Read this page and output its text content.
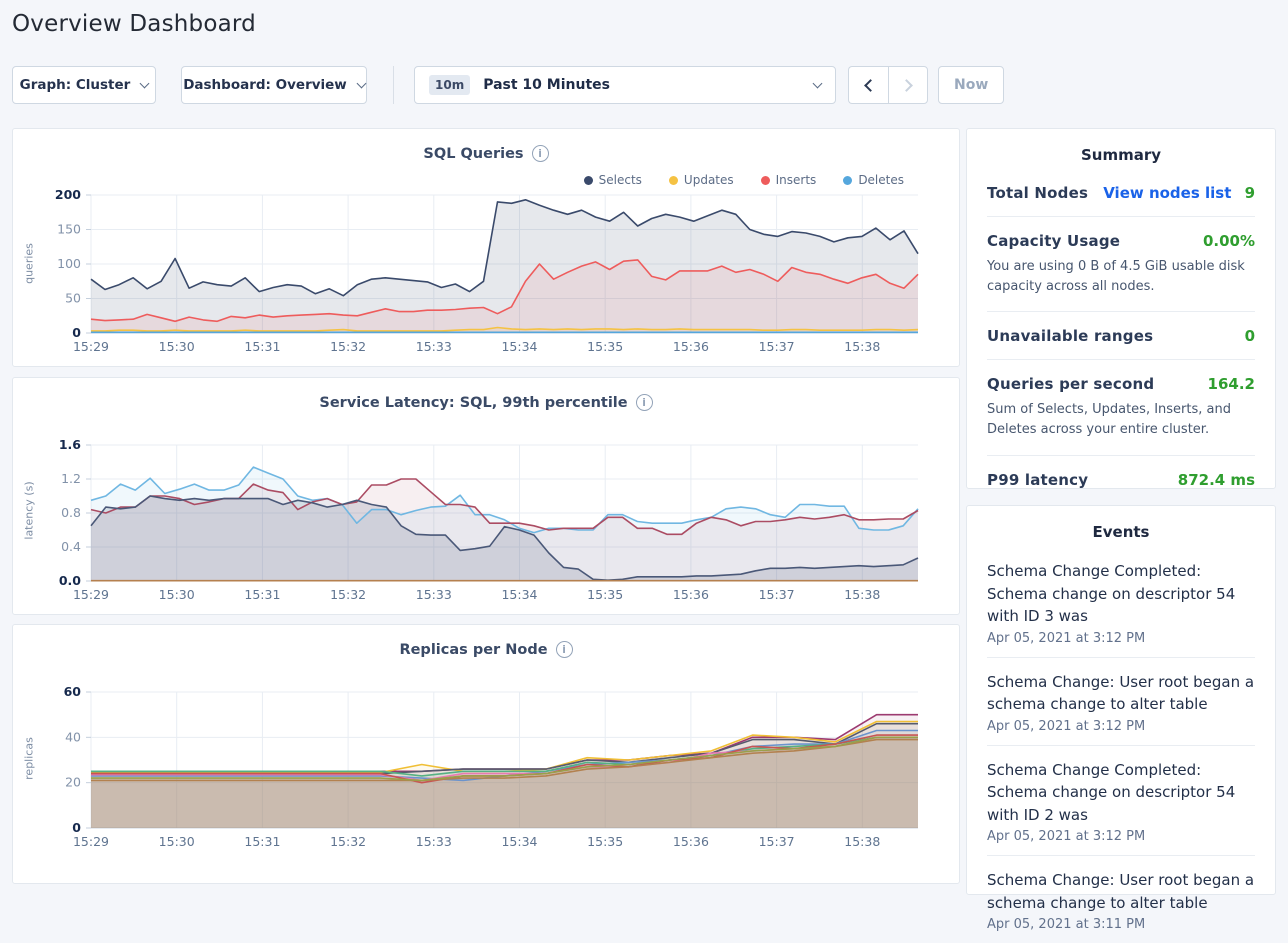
Overview Dashboard
Graph: Cluster	Dashboard: Overview	10m	Past 10 Minutes	Now
SQL Queries	i
Selects	Updates	Inserts	Deletes
queries
15:29	15:30	15:31	15:32	15:33	15:34	15:35	15:36	15:37	15:38
0
50
100
150
200
Service Latency: SQL, 99th percentile	i
latency (s)
15:29	15:30	15:31	15:32	15:33	15:34	15:35	15:36	15:37	15:38
0.0
0.4
0.8
1.2
1.6
Replicas per Node	i
replicas
15:29	15:30	15:31	15:32	15:33	15:34	15:35	15:36	15:37	15:38
0
20
40
60
Summary
Total Nodes View nodes list 9
Capacity Usage	0.00%
You are using 0 B of 4.5 GiB usable disk capacity across all nodes.
Unavailable ranges	0
Queries per second	164.2
Sum of Selects, Updates, Inserts, and Deletes across your entire cluster.
P99 latency	872.4 ms
Events
Schema Change Completed: Schema change on descriptor 54 with ID 3 was
Apr 05, 2021 at 3:12 PM
Schema Change: User root began a schema change to alter table
Apr 05, 2021 at 3:12 PM
Schema Change Completed: Schema change on descriptor 54 with ID 2 was
Apr 05, 2021 at 3:12 PM
Schema Change: User root began a schema change to alter table
Apr 05, 2021 at 3:11 PM
